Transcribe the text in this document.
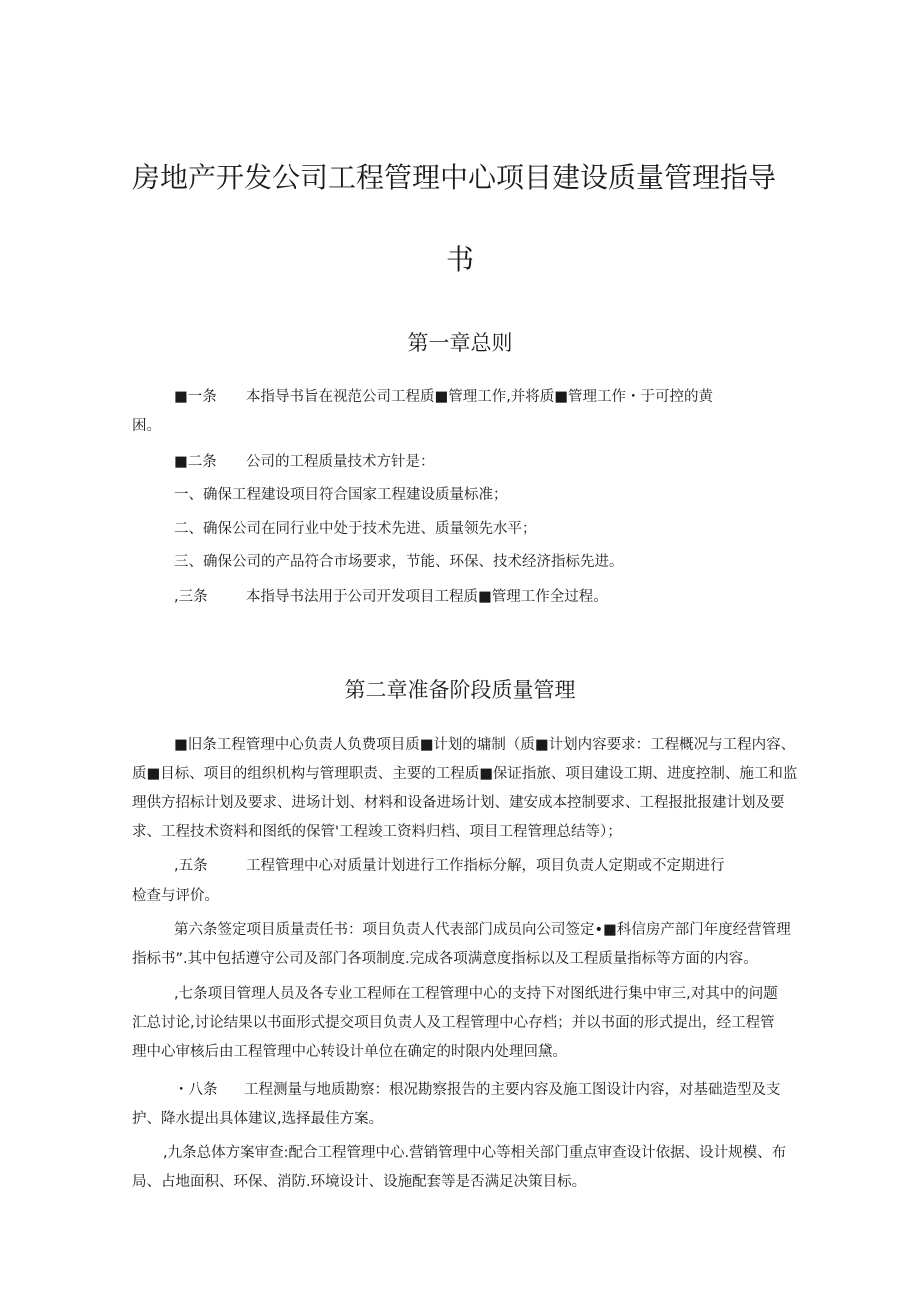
房地产开发公司工程管理中心项目建设质量管理指导
书
第一章总则
■一条 本指导书旨在视范公司工程质■管理工作,并将质■管理工作・于可控的黄
困。
■二条 公司的工程质量技术方针是：
一、确保工程建设项目符合国家工程建设质量标准；
二、确保公司在同行业中处于技术先进、质量领先水平；
三、确保公司的产品符合市场要求，节能、环保、技术经济指标先进。
,三条	本指导书法用于公司开发项目工程质■管理工作全过程。
第二章准备阶段质量管理
■旧条工程管理中心负责人负费项目质■计划的墉制（质■计划内容要求：工程概况与工程内容、
质■目标、项目的组织机构与管理职责、主要的工程质■保证指旅、项目建设工期、进度控制、施工和监
理供方招标计划及要求、进场计划、材料和设备进场计划、建安成本控制要求、工程报批报建计划及要
求、工程技术资料和图纸的保管'工程竣工资料归档、项目工程管理总结等）；
,五条	工程管理中心对质量计划进行工作指标分解，项目负责人定期或不定期进行
检查与评价。
第六条签定项目质量责任书：项目负责人代表部门成员向公司签定•■科信房产部门年度经营管理
指标书”.其中包括遵守公司及部门各项制度.完成各项满意度指标以及工程质量指标等方面的内容。
,七条项目管理人员及各专业工程师在工程管理中心的支持下对图纸进行集中审三,对其中的问题
汇总讨论,讨论结果以书面形式提交项目负责人及工程管理中心存档；并以书面的形式提出，经工程管
理中心审核后由工程管理中心转设计单位在确定的时限内处理回黛。
・八条 工程测量与地质勘察：根况勘察报告的主要内容及施工图设计内容，对基础造型及支
护、降水提出具体建议,选择最佳方案。
,九条总体方案审查:配合工程管理中心.营销管理中心等相关部门重点审查设计依据、设计规模、布
局、占地面积、环保、消防.环境设计、设施配套等是否满足决策目标。
